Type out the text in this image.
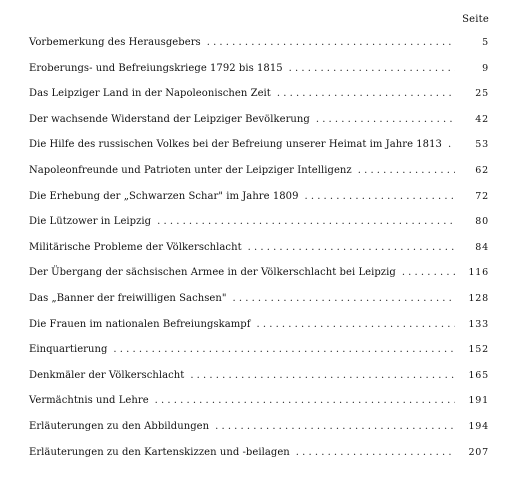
Seite
Vorbemerkung des Herausgebers . . .	5
Eroberungs- und Befreiungskriege 1792 bis 1815 . . .	9
Das Leipziger Land in der Napoleonischen Zeit . . .	25
Der wachsende Widerstand der Leipziger Bevölkerung . . .	42
Die Hilfe des russischen Volkes bei der Befreiung unserer Heimat im Jahre 1813 . . .	53
Napoleonfreunde und Patrioten unter der Leipziger Intelligenz . . .	62
Die Erhebung der „Schwarzen Schar" im Jahre 1809 . . .	72
Die Lützower in Leipzig . . .	80
Militärische Probleme der Völkerschlacht . . .	84
Der Übergang der sächsischen Armee in der Völkerschlacht bei Leipzig . . .	116
Das „Banner der freiwilligen Sachsen" . . .	128
Die Frauen im nationalen Befreiungskampf . . .	133
Einquartierung . . .	152
Denkmäler der Völkerschlacht . . .	165
Vermächtnis und Lehre . . .	191
Erläuterungen zu den Abbildungen . . .	194
Erläuterungen zu den Kartenskizzen und -beilagen . . .	207
